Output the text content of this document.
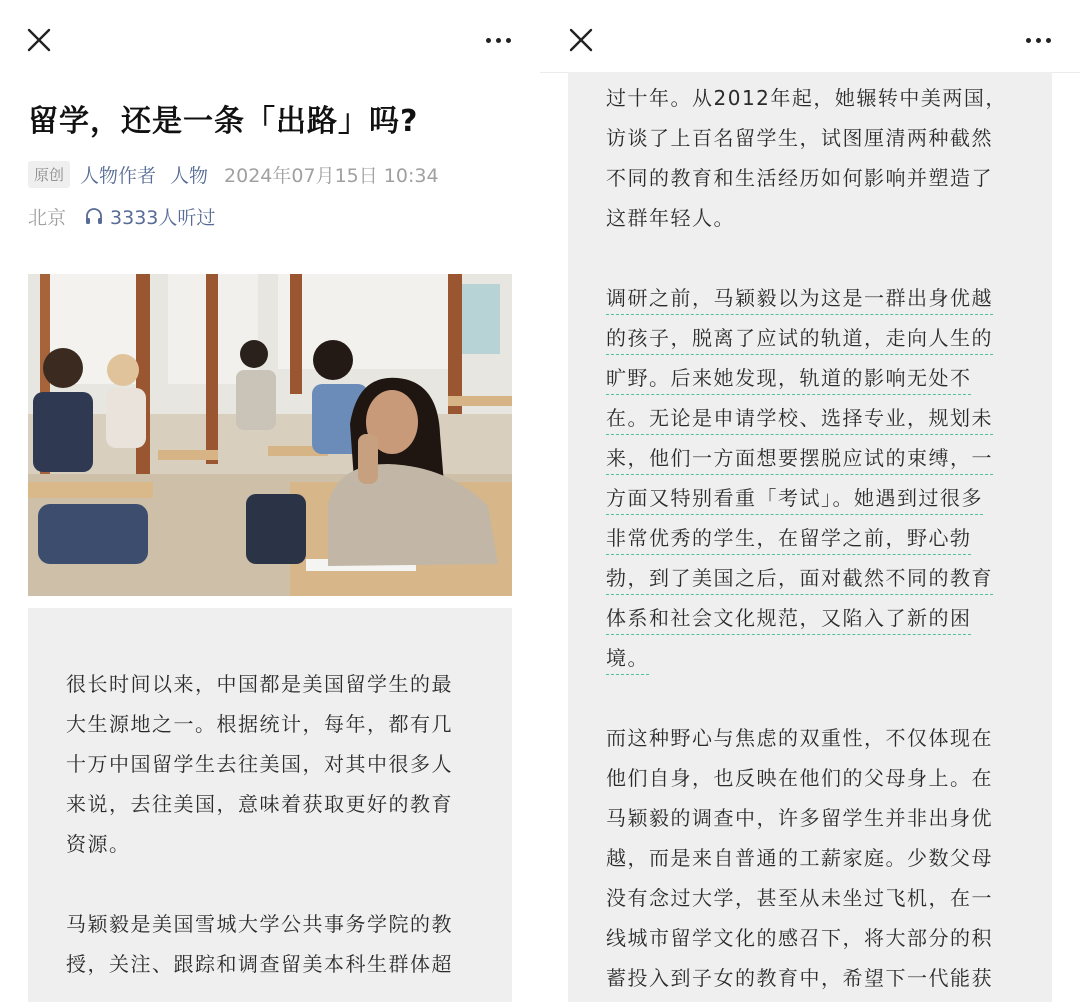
留学，还是一条「出路」吗?
原创 人物作者 人物 2024年07月15日 10:34
北京 3333人听过

很长时间以来，中国都是美国留学生的最
大生源地之一。根据统计，每年，都有几
十万中国留学生去往美国，对其中很多人
来说，去往美国，意味着获取更好的教育
资源。

马颖毅是美国雪城大学公共事务学院的教
授，关注、跟踪和调查留美本科生群体超

过十年。从2012年起，她辗转中美两国，
访谈了上百名留学生，试图厘清两种截然
不同的教育和生活经历如何影响并塑造了
这群年轻人。

调研之前，马颖毅以为这是一群出身优越
的孩子，脱离了应试的轨道，走向人生的
旷野。后来她发现，轨道的影响无处不
在。无论是申请学校、选择专业，规划未
来，他们一方面想要摆脱应试的束缚，一
方面又特别看重「考试」。她遇到过很多
非常优秀的学生，在留学之前，野心勃
勃，到了美国之后，面对截然不同的教育
体系和社会文化规范，又陷入了新的困
境。

而这种野心与焦虑的双重性，不仅体现在
他们自身，也反映在他们的父母身上。在
马颖毅的调查中，许多留学生并非出身优
越，而是来自普通的工薪家庭。少数父母
没有念过大学，甚至从未坐过飞机，在一
线城市留学文化的感召下，将大部分的积
蓄投入到子女的教育中，希望下一代能获
